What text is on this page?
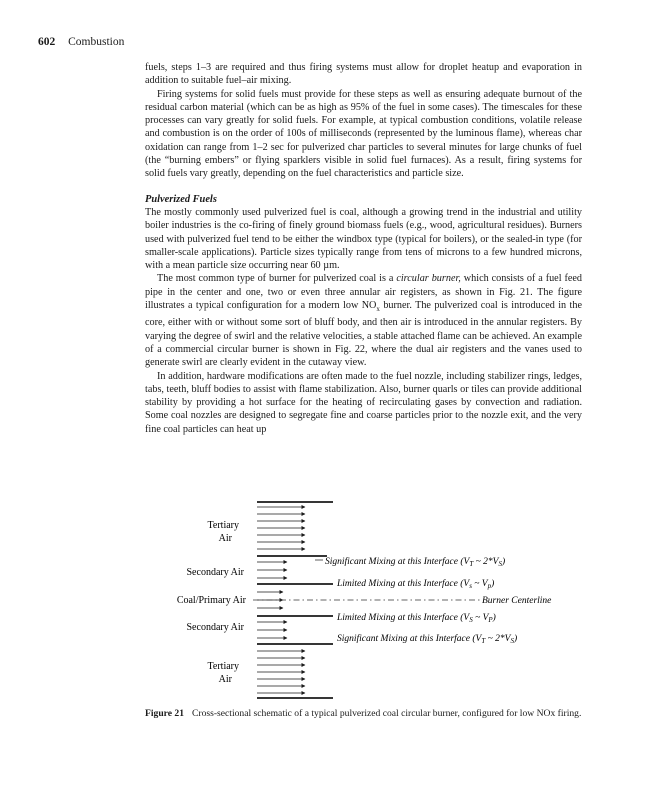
602 Combustion

fuels, steps 1–3 are required and thus firing systems must allow for droplet heatup and evaporation in addition to suitable fuel–air mixing.

Firing systems for solid fuels must provide for these steps as well as ensuring adequate burnout of the residual carbon material (which can be as high as 95% of the fuel in some cases). The timescales for these processes can vary greatly for solid fuels. For example, at typical combustion conditions, volatile release and combustion is on the order of 100s of milliseconds (represented by the luminous flame), whereas char oxidation can range from 1–2 sec for pulverized char particles to several minutes for large chunks of fuel (the “burning embers” or flying sparklers visible in solid fuel furnaces). As a result, firing systems for solid fuels vary greatly, depending on the fuel characteristics and particle size.

Pulverized Fuels

The mostly commonly used pulverized fuel is coal, although a growing trend in the industrial and utility boiler industries is the co-firing of finely ground biomass fuels (e.g., wood, agricultural residues). Burners used with pulverized fuel tend to be either the windbox type (typical for boilers), or the sealed-in type (for smaller-scale applications). Particle sizes typically range from tens of microns to a few hundred microns, with a mean particle size occurring near 60 µm.

The most common type of burner for pulverized coal is a circular burner, which consists of a fuel feed pipe in the center and one, two or even three annular air registers, as shown in Fig. 21. The figure illustrates a typical configuration for a modern low $NO_x$ burner. The pulverized coal is introduced in the core, either with or without some sort of bluff body, and then air is introduced in the annular registers. By varying the degree of swirl and the relative velocities, a stable attached flame can be achieved. An example of a commercial circular burner is shown in Fig. 22, where the dual air registers and the vanes used to generate swirl are clearly evident in the cutaway view.

In addition, hardware modifications are often made to the fuel nozzle, including stabilizer rings, ledges, tabs, teeth, bluff bodies to assist with flame stabilization. Also, burner quarls or tiles can provide additional stability by providing a hot surface for the heating of recirculating gases by convection and radiation. Some coal nozzles are designed to segregate fine and coarse particles prior to the nozzle exit, and the very fine coal particles can heat up

Tertiary
Air
Secondary Air
Coal/Primary Air
Secondary Air
Tertiary
Air
Significant Mixing at this Interface ($V_T$ ~ $2*V_S$)
Limited Mixing at this Interface ($V_s$ ~ $V_p$)
Burner Centerline
Limited Mixing at this Interface ($V_S$ ~ $V_P$)
Significant Mixing at this Interface ($V_T$ ~ $2*V_S$)
Figure 21 Cross-sectional schematic of a typical pulverized coal circular burner, configured for low NOx firing.
